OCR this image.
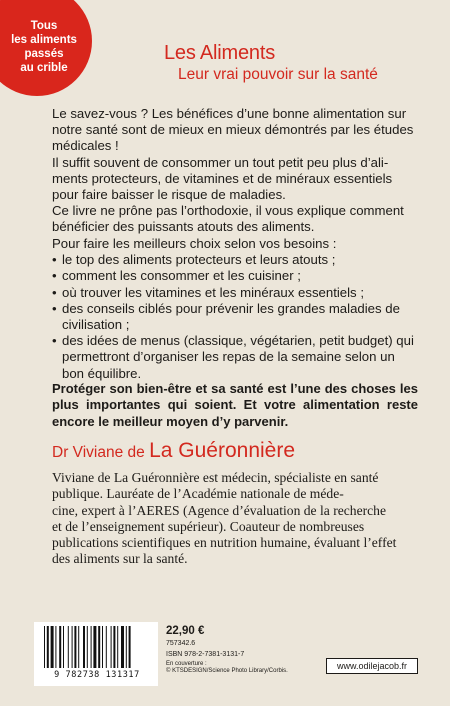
Tous
les aliments
passés
au crible
Les Aliments
Leur vrai pouvoir sur la santé
Le savez-vous ? Les bénéfices d’une bonne alimentation sur
notre santé sont de mieux en mieux démontrés par les études
médicales !
Il suffit souvent de consommer un tout petit peu plus d’ali-
ments protecteurs, de vitamines et de minéraux essentiels
pour faire baisser le risque de maladies.
Ce livre ne prône pas l’orthodoxie, il vous explique comment
bénéficier des puissants atouts des aliments.
Pour faire les meilleurs choix selon vos besoins :
• le top des aliments protecteurs et leurs atouts ;
• comment les consommer et les cuisiner ;
• où trouver les vitamines et les minéraux essentiels ;
• des conseils ciblés pour prévenir les grandes maladies de civilisation ;
• des idées de menus (classique, végétarien, petit budget) qui permettront d’organiser les repas de la semaine selon un bon équilibre.
Protéger son bien-être et sa santé est l’une des choses les plus importantes qui soient. Et votre alimentation reste encore le meilleur moyen d’y parvenir.
Dr Viviane de La Guéronnière
Viviane de La Guéronnière est médecin, spécialiste en santé
publique. Lauréate de l’Académie nationale de méde-
cine, expert à l’AERES (Agence d’évaluation de la recherche
et de l’enseignement supérieur). Coauteur de nombreuses
publications scientifiques en nutrition humaine, évaluant l’effet
des aliments sur la santé.
9 782738 131317
22,90 €
757342.6
ISBN 978-2-7381-3131-7
En couverture :
© KTSDESIGN/Science Photo Library/Corbis.	www.odilejacob.fr
